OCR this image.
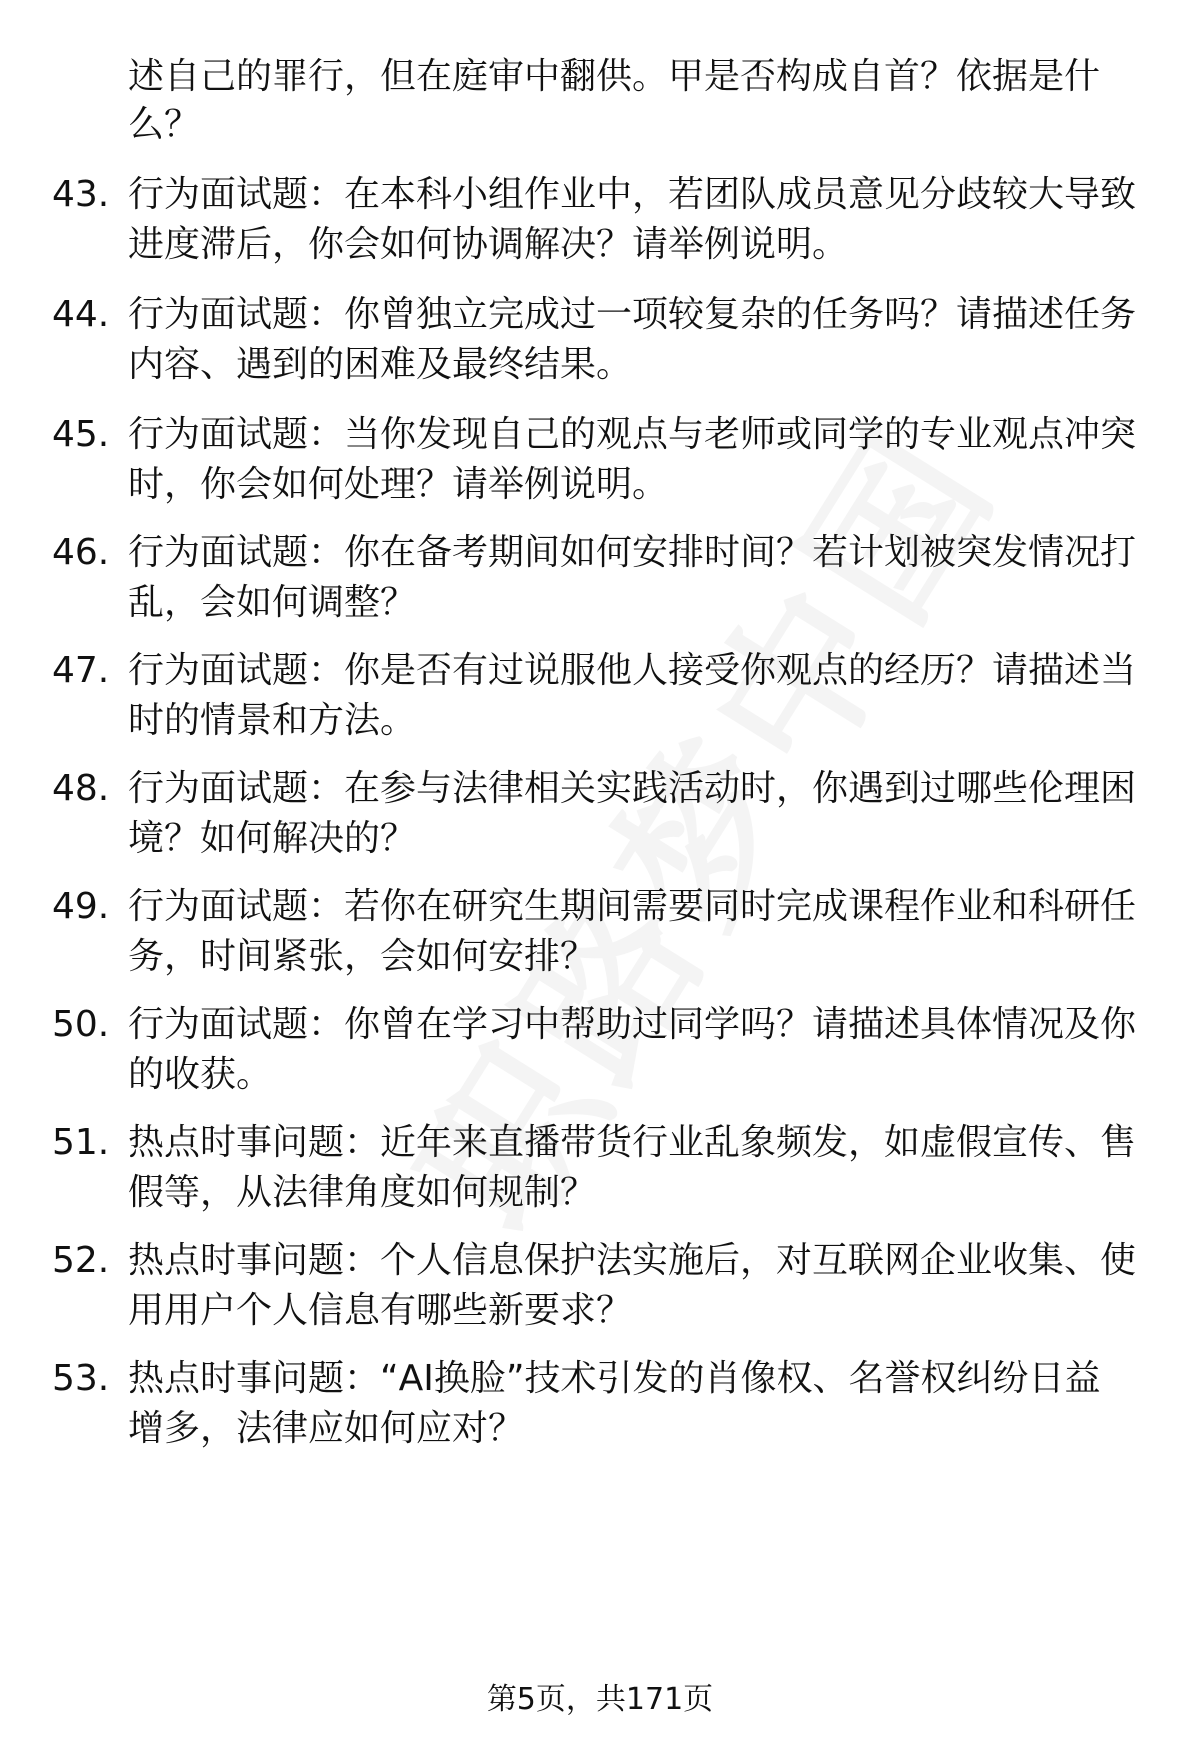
述自己的罪行，但在庭审中翻供。甲是否构成自首？依据是什
么？
43. 行为面试题：在本科小组作业中，若团队成员意见分歧较大导致
进度滞后，你会如何协调解决？请举例说明。
44. 行为面试题：你曾独立完成过一项较复杂的任务吗？请描述任务
内容、遇到的困难及最终结果。
45. 行为面试题：当你发现自己的观点与老师或同学的专业观点冲突
时，你会如何处理？请举例说明。
46. 行为面试题：你在备考期间如何安排时间？若计划被突发情况打
乱，会如何调整？
47. 行为面试题：你是否有过说服他人接受你观点的经历？请描述当
时的情景和方法。
48. 行为面试题：在参与法律相关实践活动时，你遇到过哪些伦理困
境？如何解决的？
49. 行为面试题：若你在研究生期间需要同时完成课程作业和科研任
务，时间紧张，会如何安排？
50. 行为面试题：你曾在学习中帮助过同学吗？请描述具体情况及你
的收获。
51. 热点时事问题：近年来直播带货行业乱象频发，如虚假宣传、售
假等，从法律角度如何规制？
52. 热点时事问题：个人信息保护法实施后，对互联网企业收集、使
用用户个人信息有哪些新要求？
53. 热点时事问题：“AI换脸”技术引发的肖像权、名誉权纠纷日益
增多，法律应如何应对？
第5页，共171页
